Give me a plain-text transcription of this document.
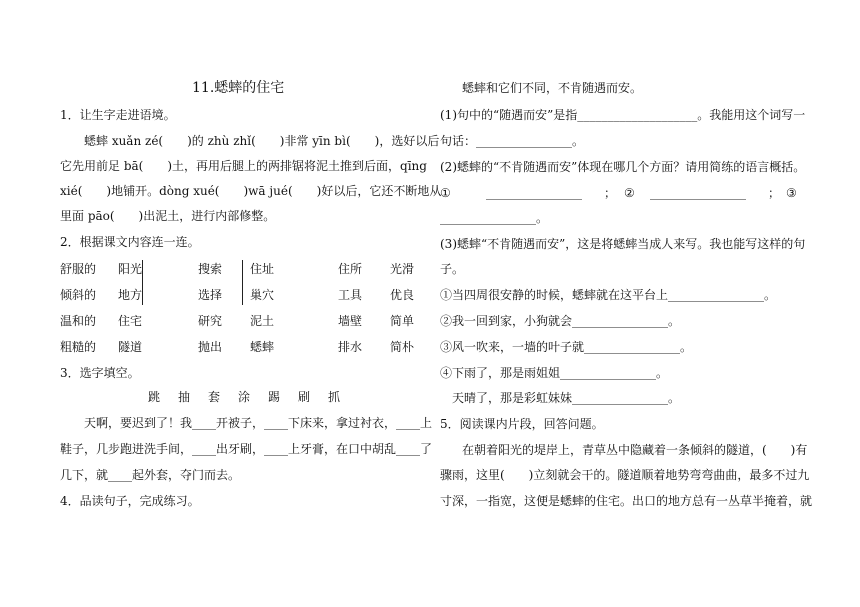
11.蟋蟀的住宅
1．让生字走进语境。
蟋蟀 xuǎn zé(　　)的 zhù zhǐ(　　)非常 yīn bì(　　)，选好以后
它先用前足 bā(　　)土，再用后腿上的两排锯将泥土推到后面，qīng
xié(　　)地铺开。dòng xué(　　)wā jué(　　)好以后，它还不断地从
里面 pāo(　　)出泥土，进行内部修整。
2．根据课文内容连一连。
舒服的
倾斜的
温和的
粗糙的
阳光
地方
住宅
隧道
搜索
选择
研究
抛出
住址
巢穴
泥土
蟋蟀
住所
工具
墙壁
排水
光滑
优良
简单
简朴
3．选字填空。
跳 抽 套 涂 踢 刷 抓
天啊，要迟到了！我____开被子，____下床来，拿过衬衣，____上
鞋子，几步跑进洗手间，____出牙刷，____上牙膏，在口中胡乱____了
几下，就____起外套，夺门而去。
4．品读句子，完成练习。
蟋蟀和它们不同，不肯随遇而安。
(1)句中的“随遇而安”是指____________________。我能用这个词写一
句话：________________。
(2)蟋蟀的“不肯随遇而安”体现在哪几个方面？请用简练的语言概括。
①	________________ ； ② ________________ ； ③
________________。
(3)蟋蟀“不肯随遇而安”，这是将蟋蟀当成人来写。我也能写这样的句
子。
①当四周很安静的时候，蟋蟀就在这平台上________________。
②我一回到家，小狗就会________________。
③风一吹来，一墙的叶子就________________。
④下雨了，那是雨姐姐________________。
天晴了，那是彩虹妹妹________________。
5．阅读课内片段，回答问题。
在朝着阳光的堤岸上，青草丛中隐藏着一条倾斜的隧道，(　　)有
骤雨，这里(　　)立刻就会干的。隧道顺着地势弯弯曲曲，最多不过九
寸深，一指宽，这便是蟋蟀的住宅。出口的地方总有一丛草半掩着，就
